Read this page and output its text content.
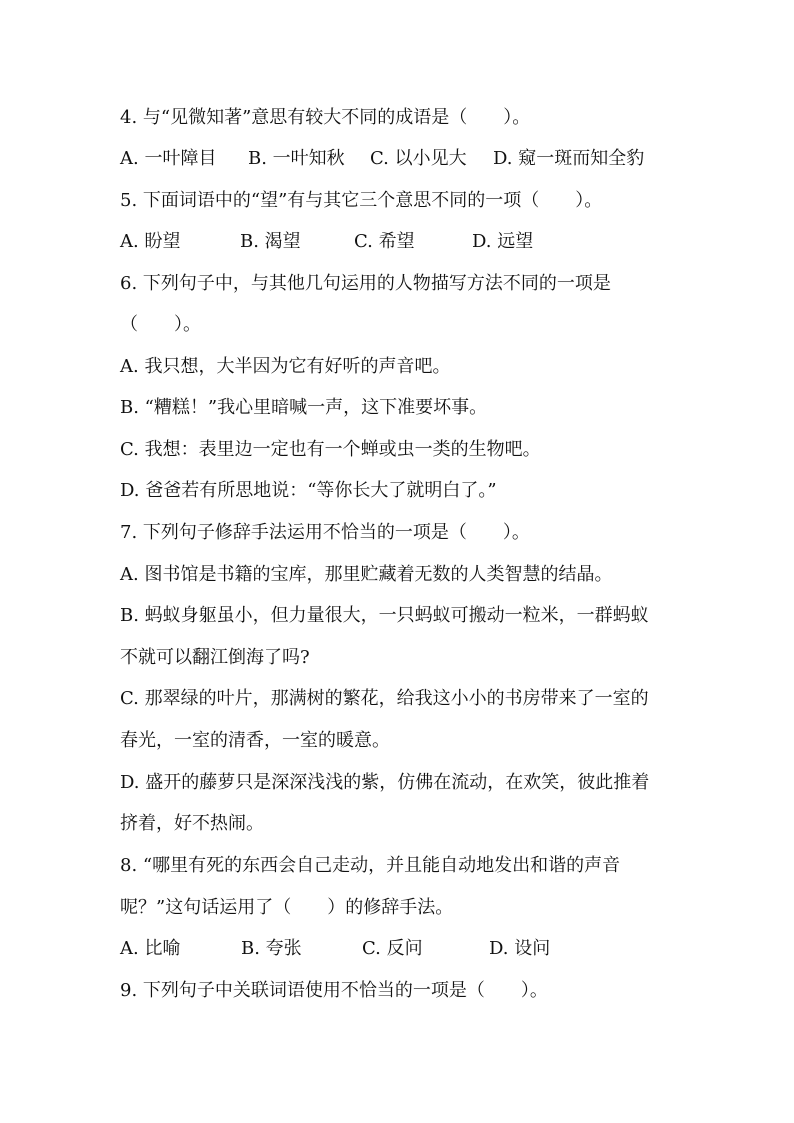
4. 与“见微知著”意思有较大不同的成语是（　　）。

A. 一叶障目

B. 一叶知秋

C. 以小见大

D. 窥一斑而知全豹

5. 下面词语中的“望”有与其它三个意思不同的一项（　　）。

A. 盼望

	B. 渴望

	C. 希望

	D. 远望

6. 下列句子中，与其他几句运用的人物描写方法不同的一项是
（　　）。
A. 我只想，大半因为它有好听的声音吧。
B. “糟糕！”我心里暗喊一声，这下准要坏事。
C. 我想：表里边一定也有一个蝉或虫一类的生物吧。
D. 爸爸若有所思地说：“等你长大了就明白了。”
7. 下列句子修辞手法运用不恰当的一项是（　　）。
A. 图书馆是书籍的宝库，那里贮藏着无数的人类智慧的结晶。
B. 蚂蚁身躯虽小，但力量很大，一只蚂蚁可搬动一粒米，一群蚂蚁
不就可以翻江倒海了吗?
C. 那翠绿的叶片，那满树的繁花，给我这小小的书房带来了一室的
春光，一室的清香，一室的暖意。
D. 盛开的藤萝只是深深浅浅的紫，仿佛在流动，在欢笑，彼此推着
挤着，好不热闹。
8. “哪里有死的东西会自己走动，并且能自动地发出和谐的声音
呢？”这句话运用了（　　）的修辞手法。

A. 比喻

	B. 夸张

	C. 反问

	D. 设问

9. 下列句子中关联词语使用不恰当的一项是（　　）。
